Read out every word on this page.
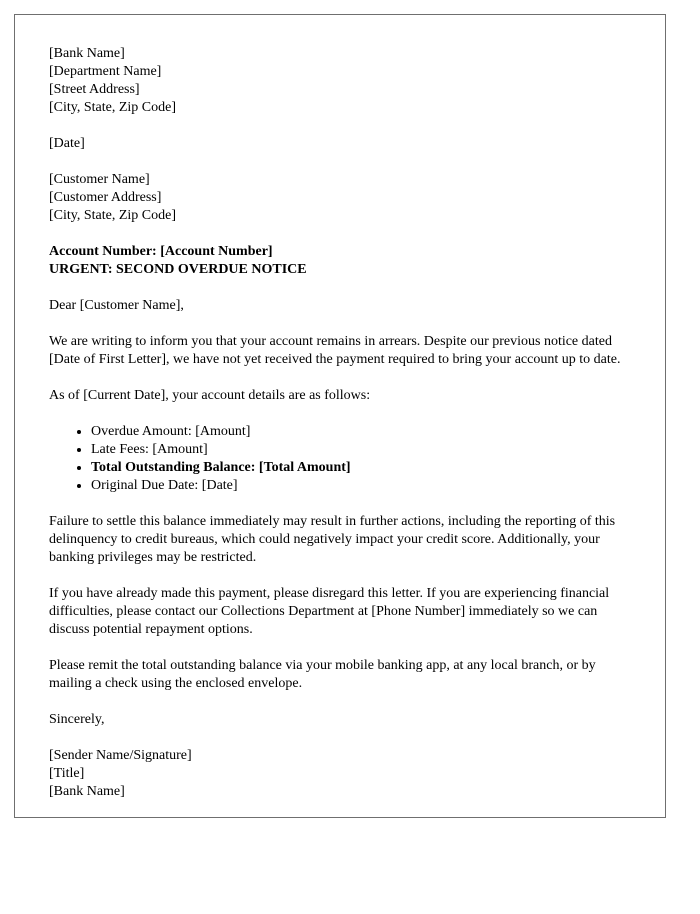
[Bank Name]
[Department Name]
[Street Address]
[City, State, Zip Code]
[Date]
[Customer Name]
[Customer Address]
[City, State, Zip Code]
Account Number: [Account Number]
URGENT: SECOND OVERDUE NOTICE

Dear [Customer Name],

We are writing to inform you that your account remains in arrears. Despite our previous notice dated [Date of First Letter], we have not yet received the payment required to bring your account up to date.

As of [Current Date], your account details are as follows:

• Overdue Amount: [Amount]
• Late Fees: [Amount]
• Total Outstanding Balance: [Total Amount]
• Original Due Date: [Date]

Failure to settle this balance immediately may result in further actions, including the reporting of this delinquency to credit bureaus, which could negatively impact your credit score. Additionally, your banking privileges may be restricted.

If you have already made this payment, please disregard this letter. If you are experiencing financial difficulties, please contact our Collections Department at [Phone Number] immediately so we can discuss potential repayment options.

Please remit the total outstanding balance via your mobile banking app, at any local branch, or by mailing a check using the enclosed envelope.

Sincerely,

[Sender Name/Signature]
[Title]
[Bank Name]
